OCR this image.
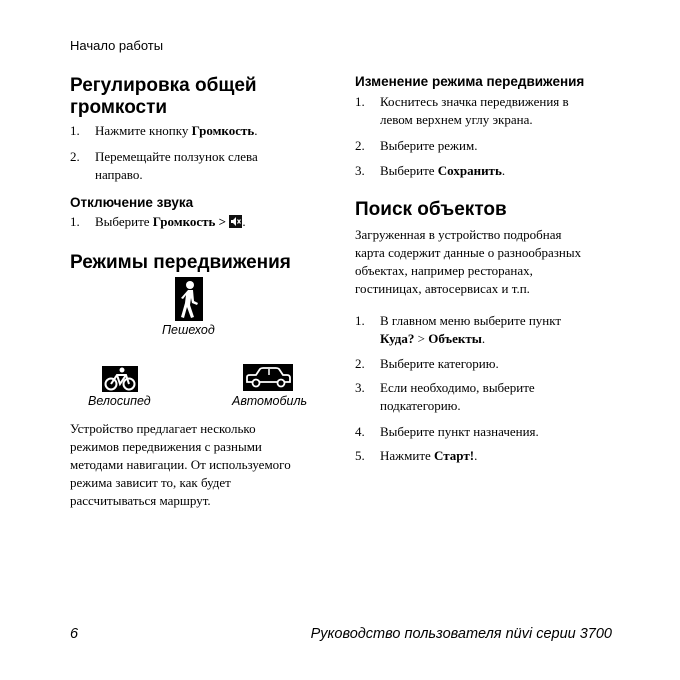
Начало работы
Регулировка общей
громкости
1. Нажмите кнопку Громкость.
2. Перемещайте ползунок слева
направо.
Отключение звука
1. Выберите Громкость > .
Режимы передвижения
Пешеход
Велосипед	Автомобиль
Устройство предлагает несколько
режимов передвижения с разными
методами навигации. От используемого
режима зависит то, как будет
рассчитываться маршрут.
Изменение режима передвижения
1. Коснитесь значка передвижения в
левом верхнем углу экрана.
2. Выберите режим.
3. Выберите Сохранить.
Поиск объектов
Загруженная в устройство подробная
карта содержит данные о разнообразных
объектах, например ресторанах,
гостиницах, автосервисах и т.п.
1. В главном меню выберите пункт
Куда? > Объекты.
2. Выберите категорию.
3. Если необходимо, выберите
подкатегорию.
4. Выберите пункт назначения.
5. Нажмите Старт!.
6	Руководство пользователя nüvi серии 3700
